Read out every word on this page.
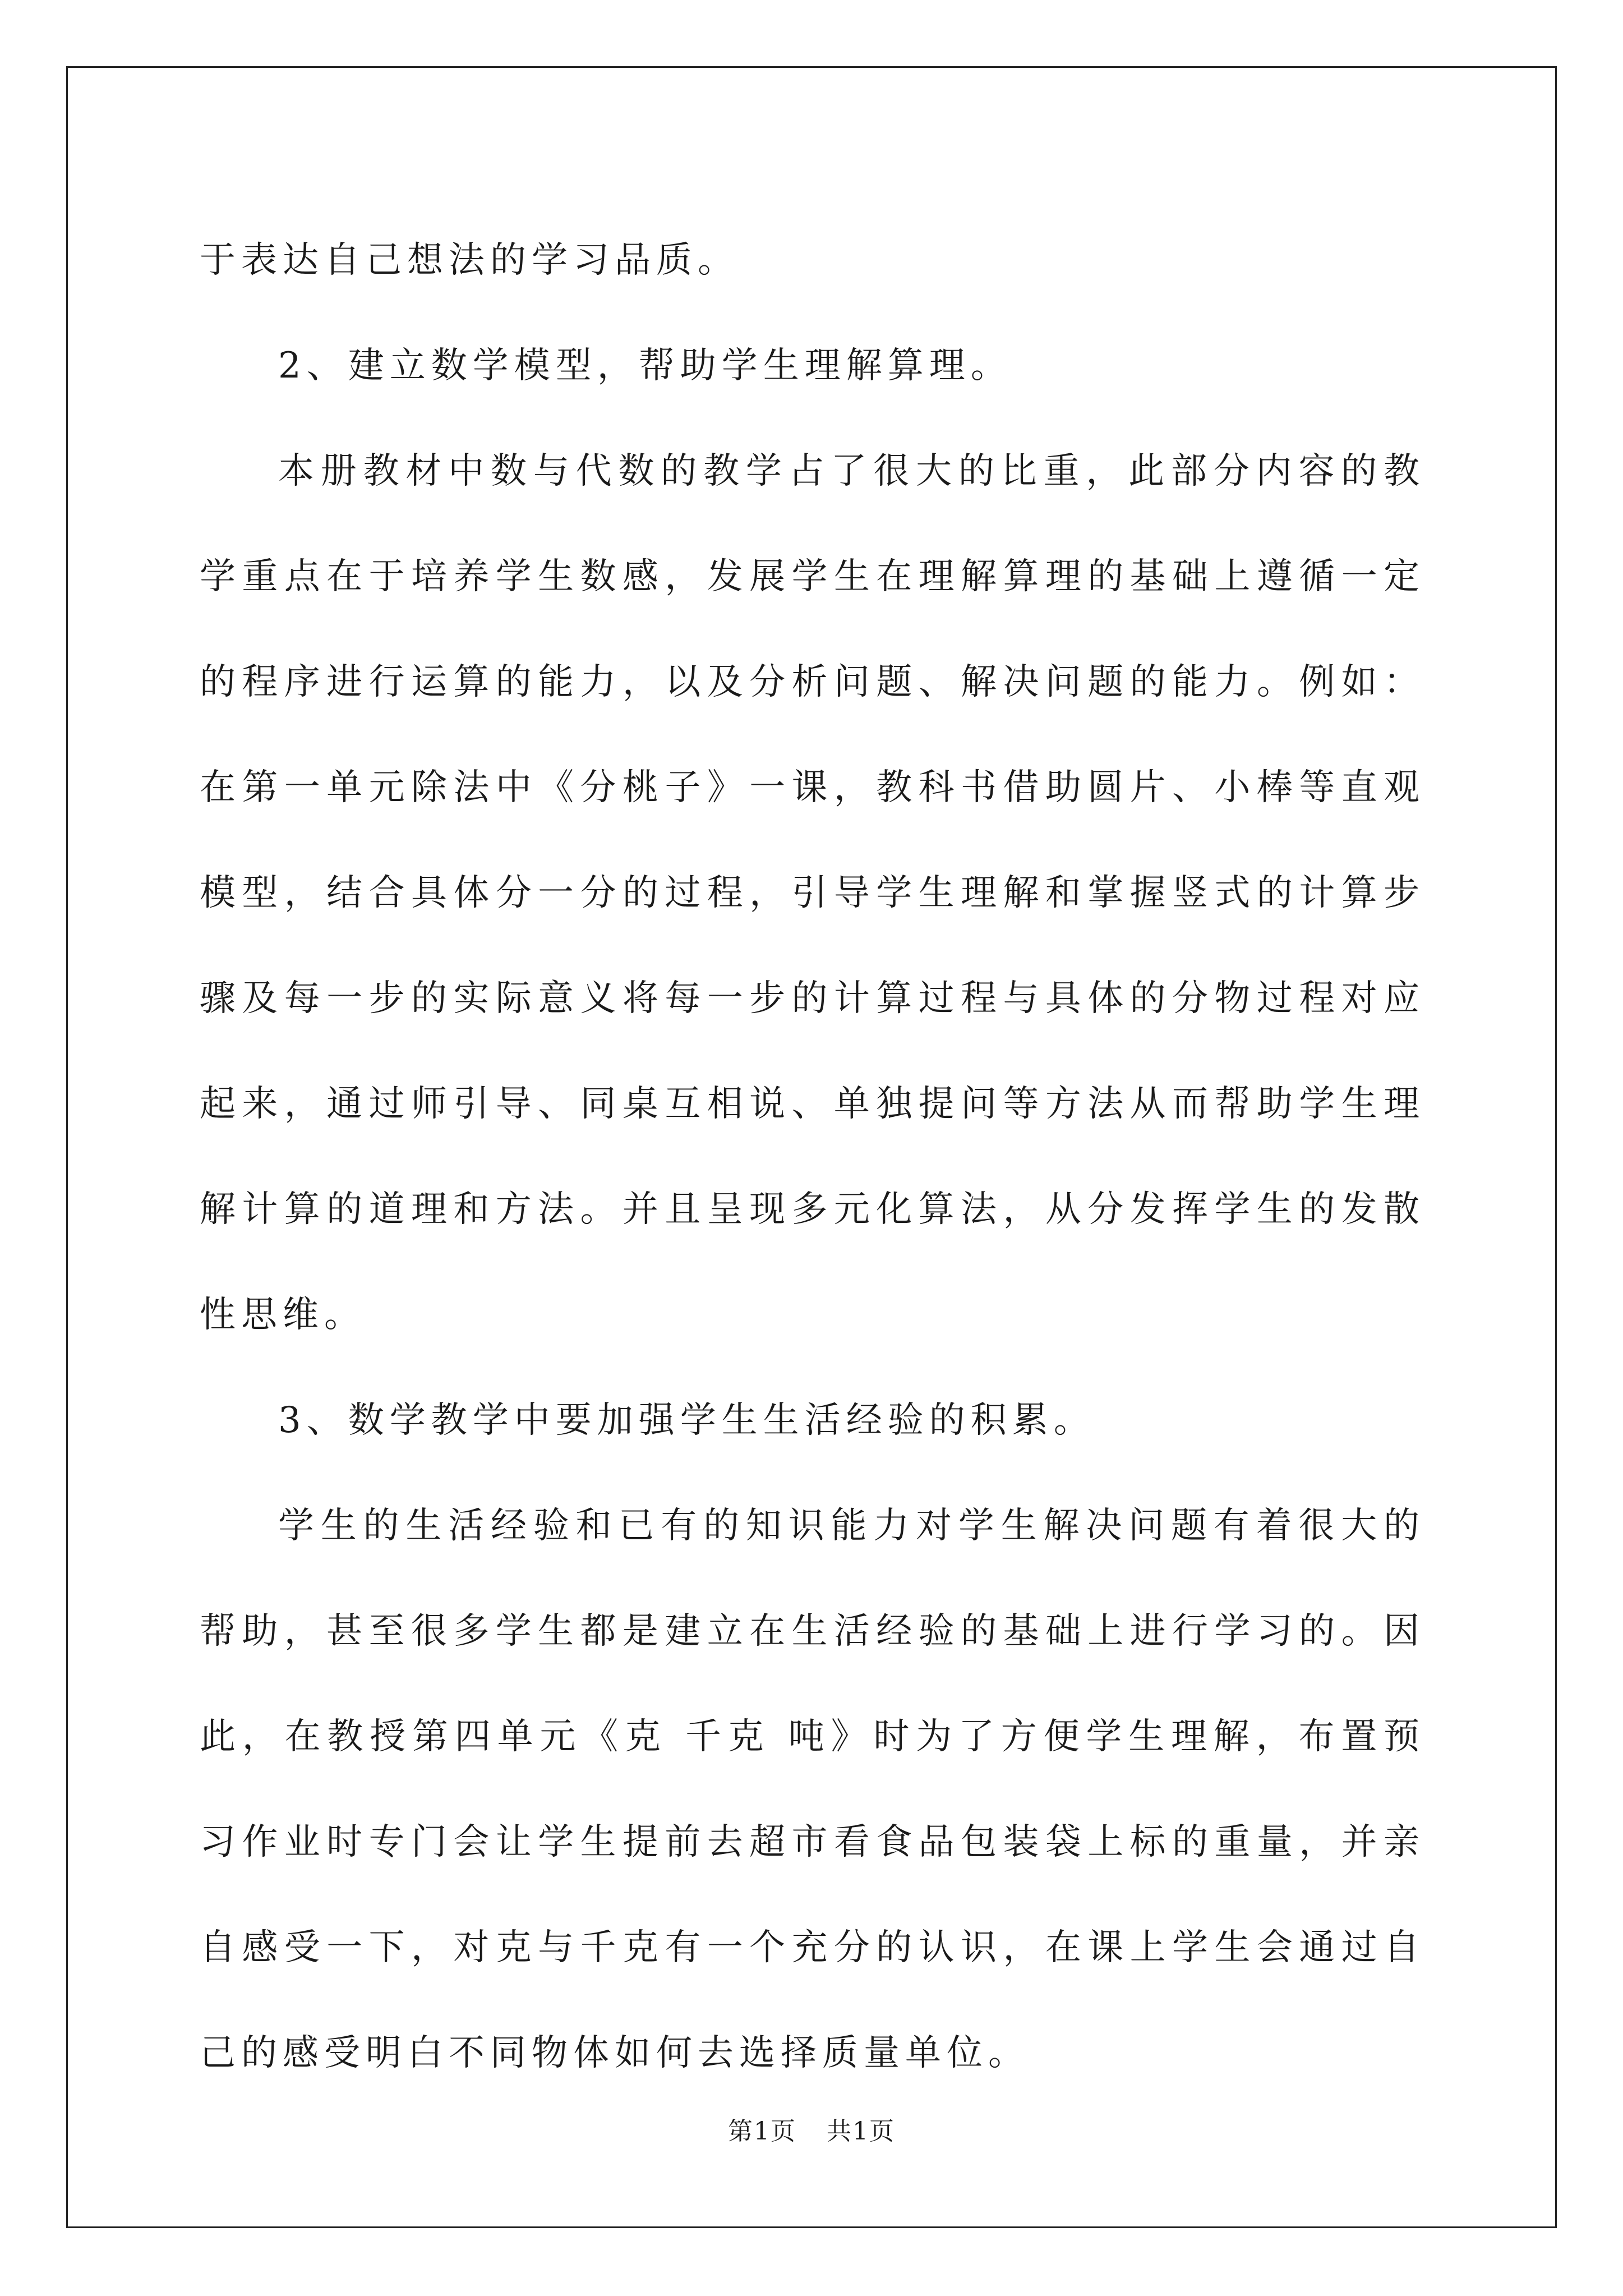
于表达自己想法的学习品质。

2、建立数学模型，帮助学生理解算理。

本册教材中数与代数的教学占了很大的比重，此部分内容的教学重点在于培养学生数感，发展学生在理解算理的基础上遵循一定的程序进行运算的能力，以及分析问题、解决问题的能力。例如：在第一单元除法中《分桃子》一课，教科书借助圆片、小棒等直观模型，结合具体分一分的过程，引导学生理解和掌握竖式的计算步骤及每一步的实际意义将每一步的计算过程与具体的分物过程对应起来，通过师引导、同桌互相说、单独提问等方法从而帮助学生理解计算的道理和方法。并且呈现多元化算法，从分发挥学生的发散性思维。

3、数学教学中要加强学生生活经验的积累。

学生的生活经验和已有的知识能力对学生解决问题有着很大的帮助，甚至很多学生都是建立在生活经验的基础上进行学习的。因此，在教授第四单元《克 千克 吨》时为了方便学生理解，布置预习作业时专门会让学生提前去超市看食品包装袋上标的重量，并亲自感受一下，对克与千克有一个充分的认识，在课上学生会通过自己的感受明白不同物体如何去选择质量单位。

第1页 共1页
